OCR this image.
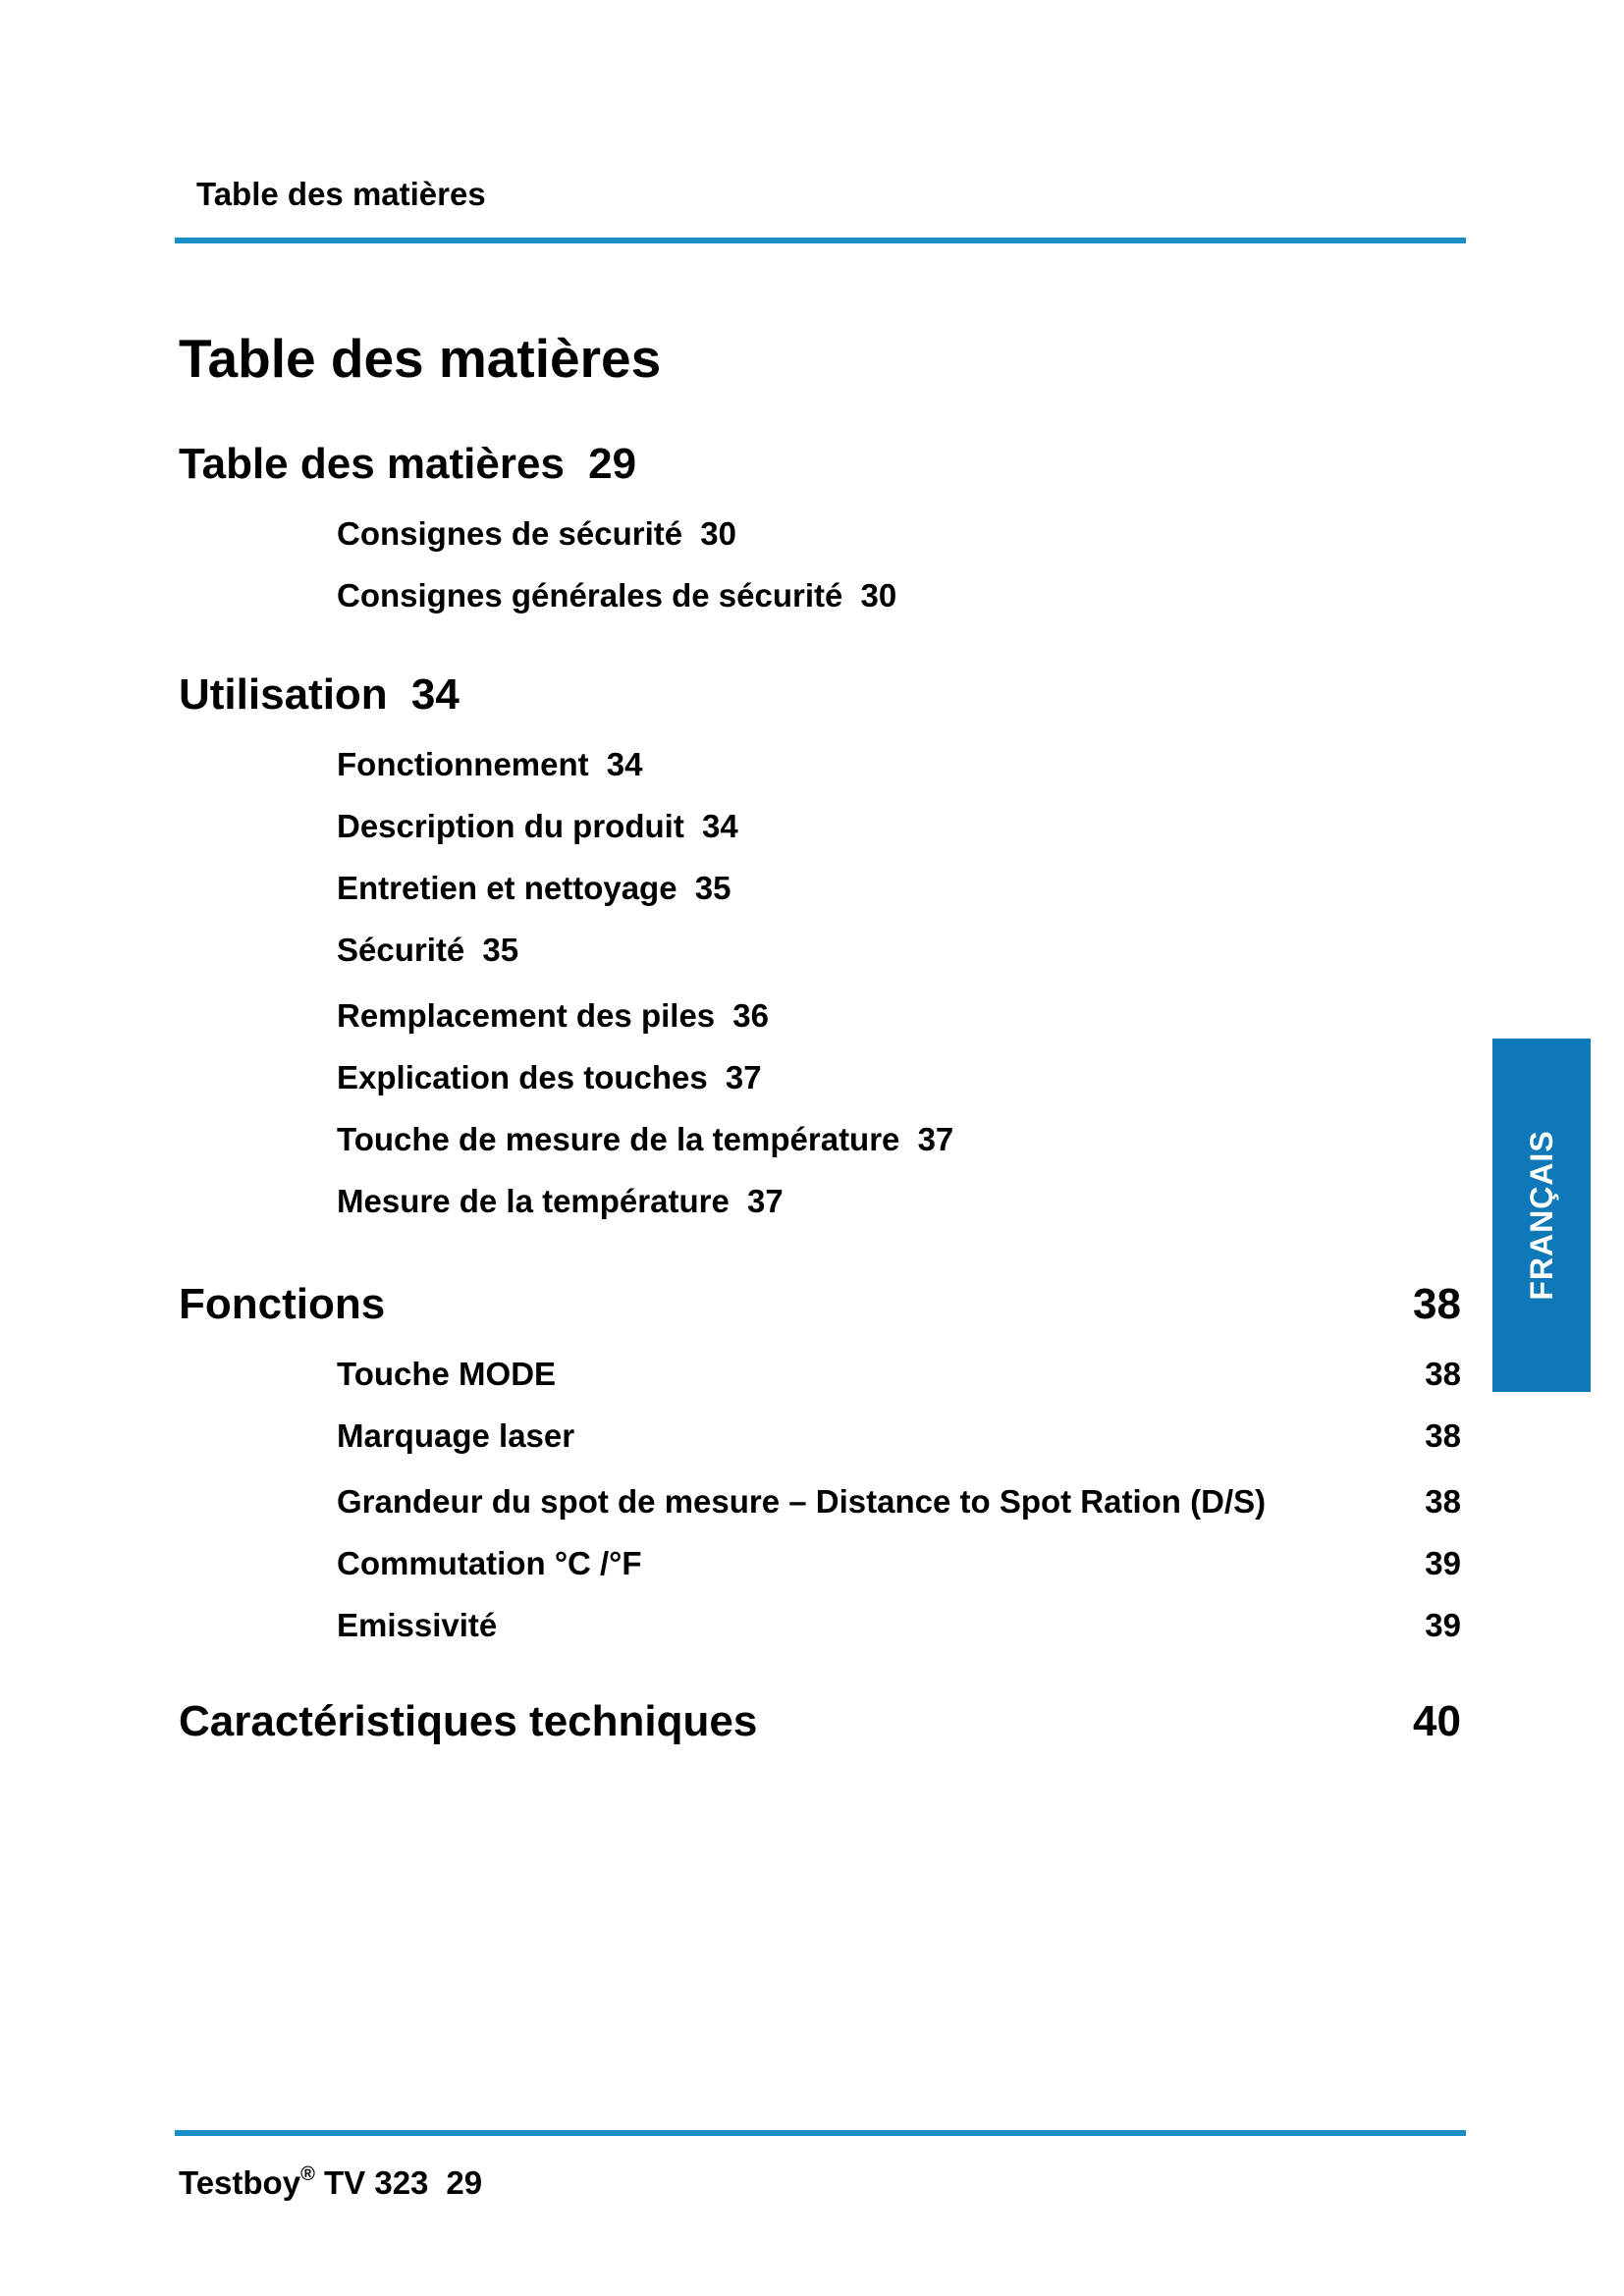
Table des matières
Table des matières
Table des matières 29
Consignes de sécurité 30
Consignes générales de sécurité 30
Utilisation 34
Fonctionnement 34
Description du produit 34
Entretien et nettoyage 35
Sécurité 35
Remplacement des piles 36
Explication des touches 37
Touche de mesure de la température 37
Mesure de la température 37
Fonctions	38
Touche MODE	38
Marquage laser	38
Grandeur du spot de mesure – Distance to Spot Ration (D/S)	38
Commutation °C /°F	39
Emissivité	39
Caractéristiques techniques	40
FRANÇAIS
Testboy® TV 323 29
